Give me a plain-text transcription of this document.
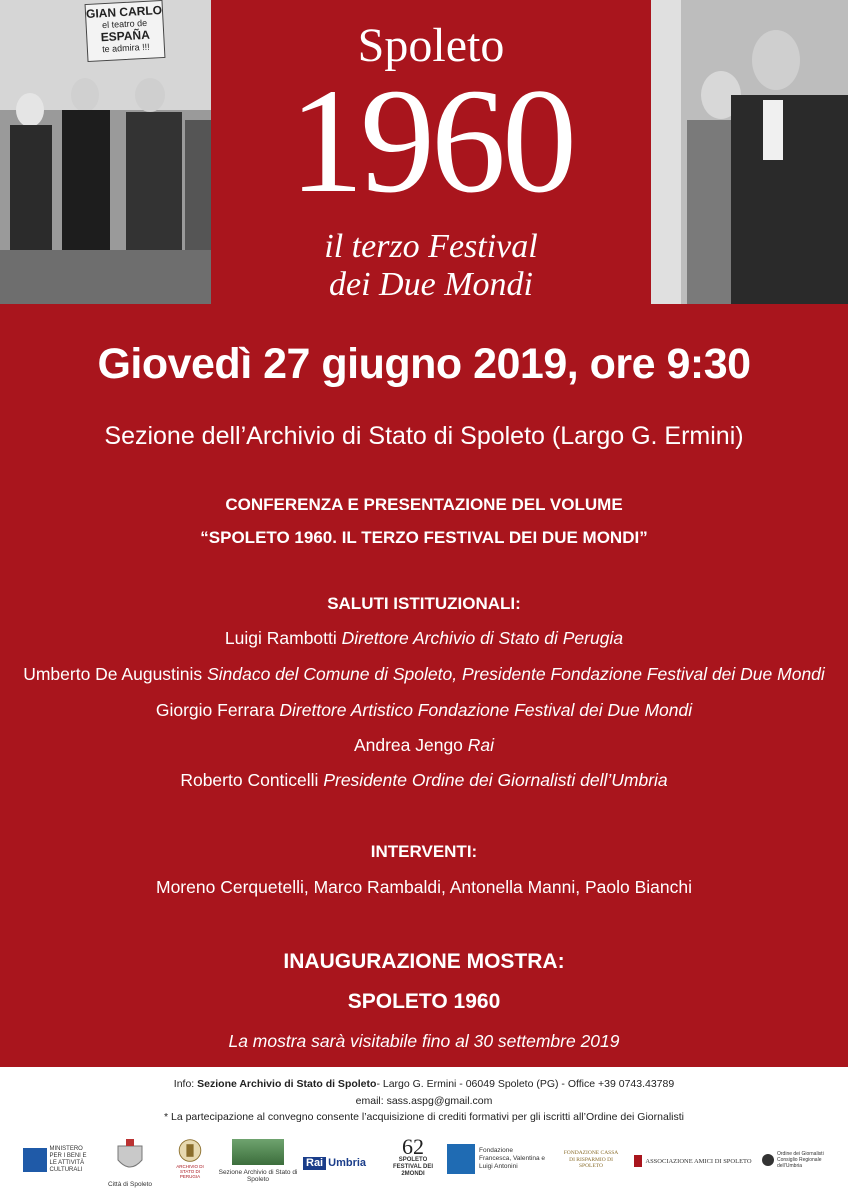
GIAN CARLO
el teatro de
ESPAÑA
te admira !!!	Spoleto
1960
il terzo Festival
dei Due Mondi
Giovedì 27 giugno 2019, ore 9:30
Sezione dell’Archivio di Stato di Spoleto (Largo G. Ermini)
CONFERENZA E PRESENTAZIONE DEL VOLUME
“SPOLETO 1960. IL TERZO FESTIVAL DEI DUE MONDI”
SALUTI ISTITUZIONALI:
Luigi Rambotti Direttore Archivio di Stato di Perugia
Umberto De Augustinis Sindaco del Comune di Spoleto, Presidente Fondazione Festival dei Due Mondi
Giorgio Ferrara Direttore Artistico Fondazione Festival dei Due Mondi
Andrea Jengo Rai
Roberto Conticelli Presidente Ordine dei Giornalisti dell’Umbria
INTERVENTI:
Moreno Cerquetelli, Marco Rambaldi, Antonella Manni, Paolo Bianchi
INAUGURAZIONE MOSTRA:
SPOLETO 1960
La mostra sarà visitabile fino al 30 settembre 2019
Info: Sezione Archivio di Stato di Spoleto- Largo G. Ermini - 06049 Spoleto (PG) - Office +39 0743.43789
email: sass.aspg@gmail.com
* La partecipazione al convegno consente l’acquisizione di crediti formativi per gli iscritti all’Ordine dei Giornalisti
MINISTERO PER I BENI E LE ATTIVITÀ CULTURALI
Città di Spoleto
ARCHIVIO DI STATO DI PERUGIA
Sezione Archivio di Stato di Spoleto
Rai Umbria
62
SPOLETO FESTIVAL DEI 2MONDI
Fondazione Francesca, Valentina e Luigi Antonini
FONDAZIONE CASSA DI RISPARMIO DI SPOLETO
ASSOCIAZIONE AMICI DI SPOLETO
Ordine dei Giornalisti Consiglio Regionale dell’Umbria
